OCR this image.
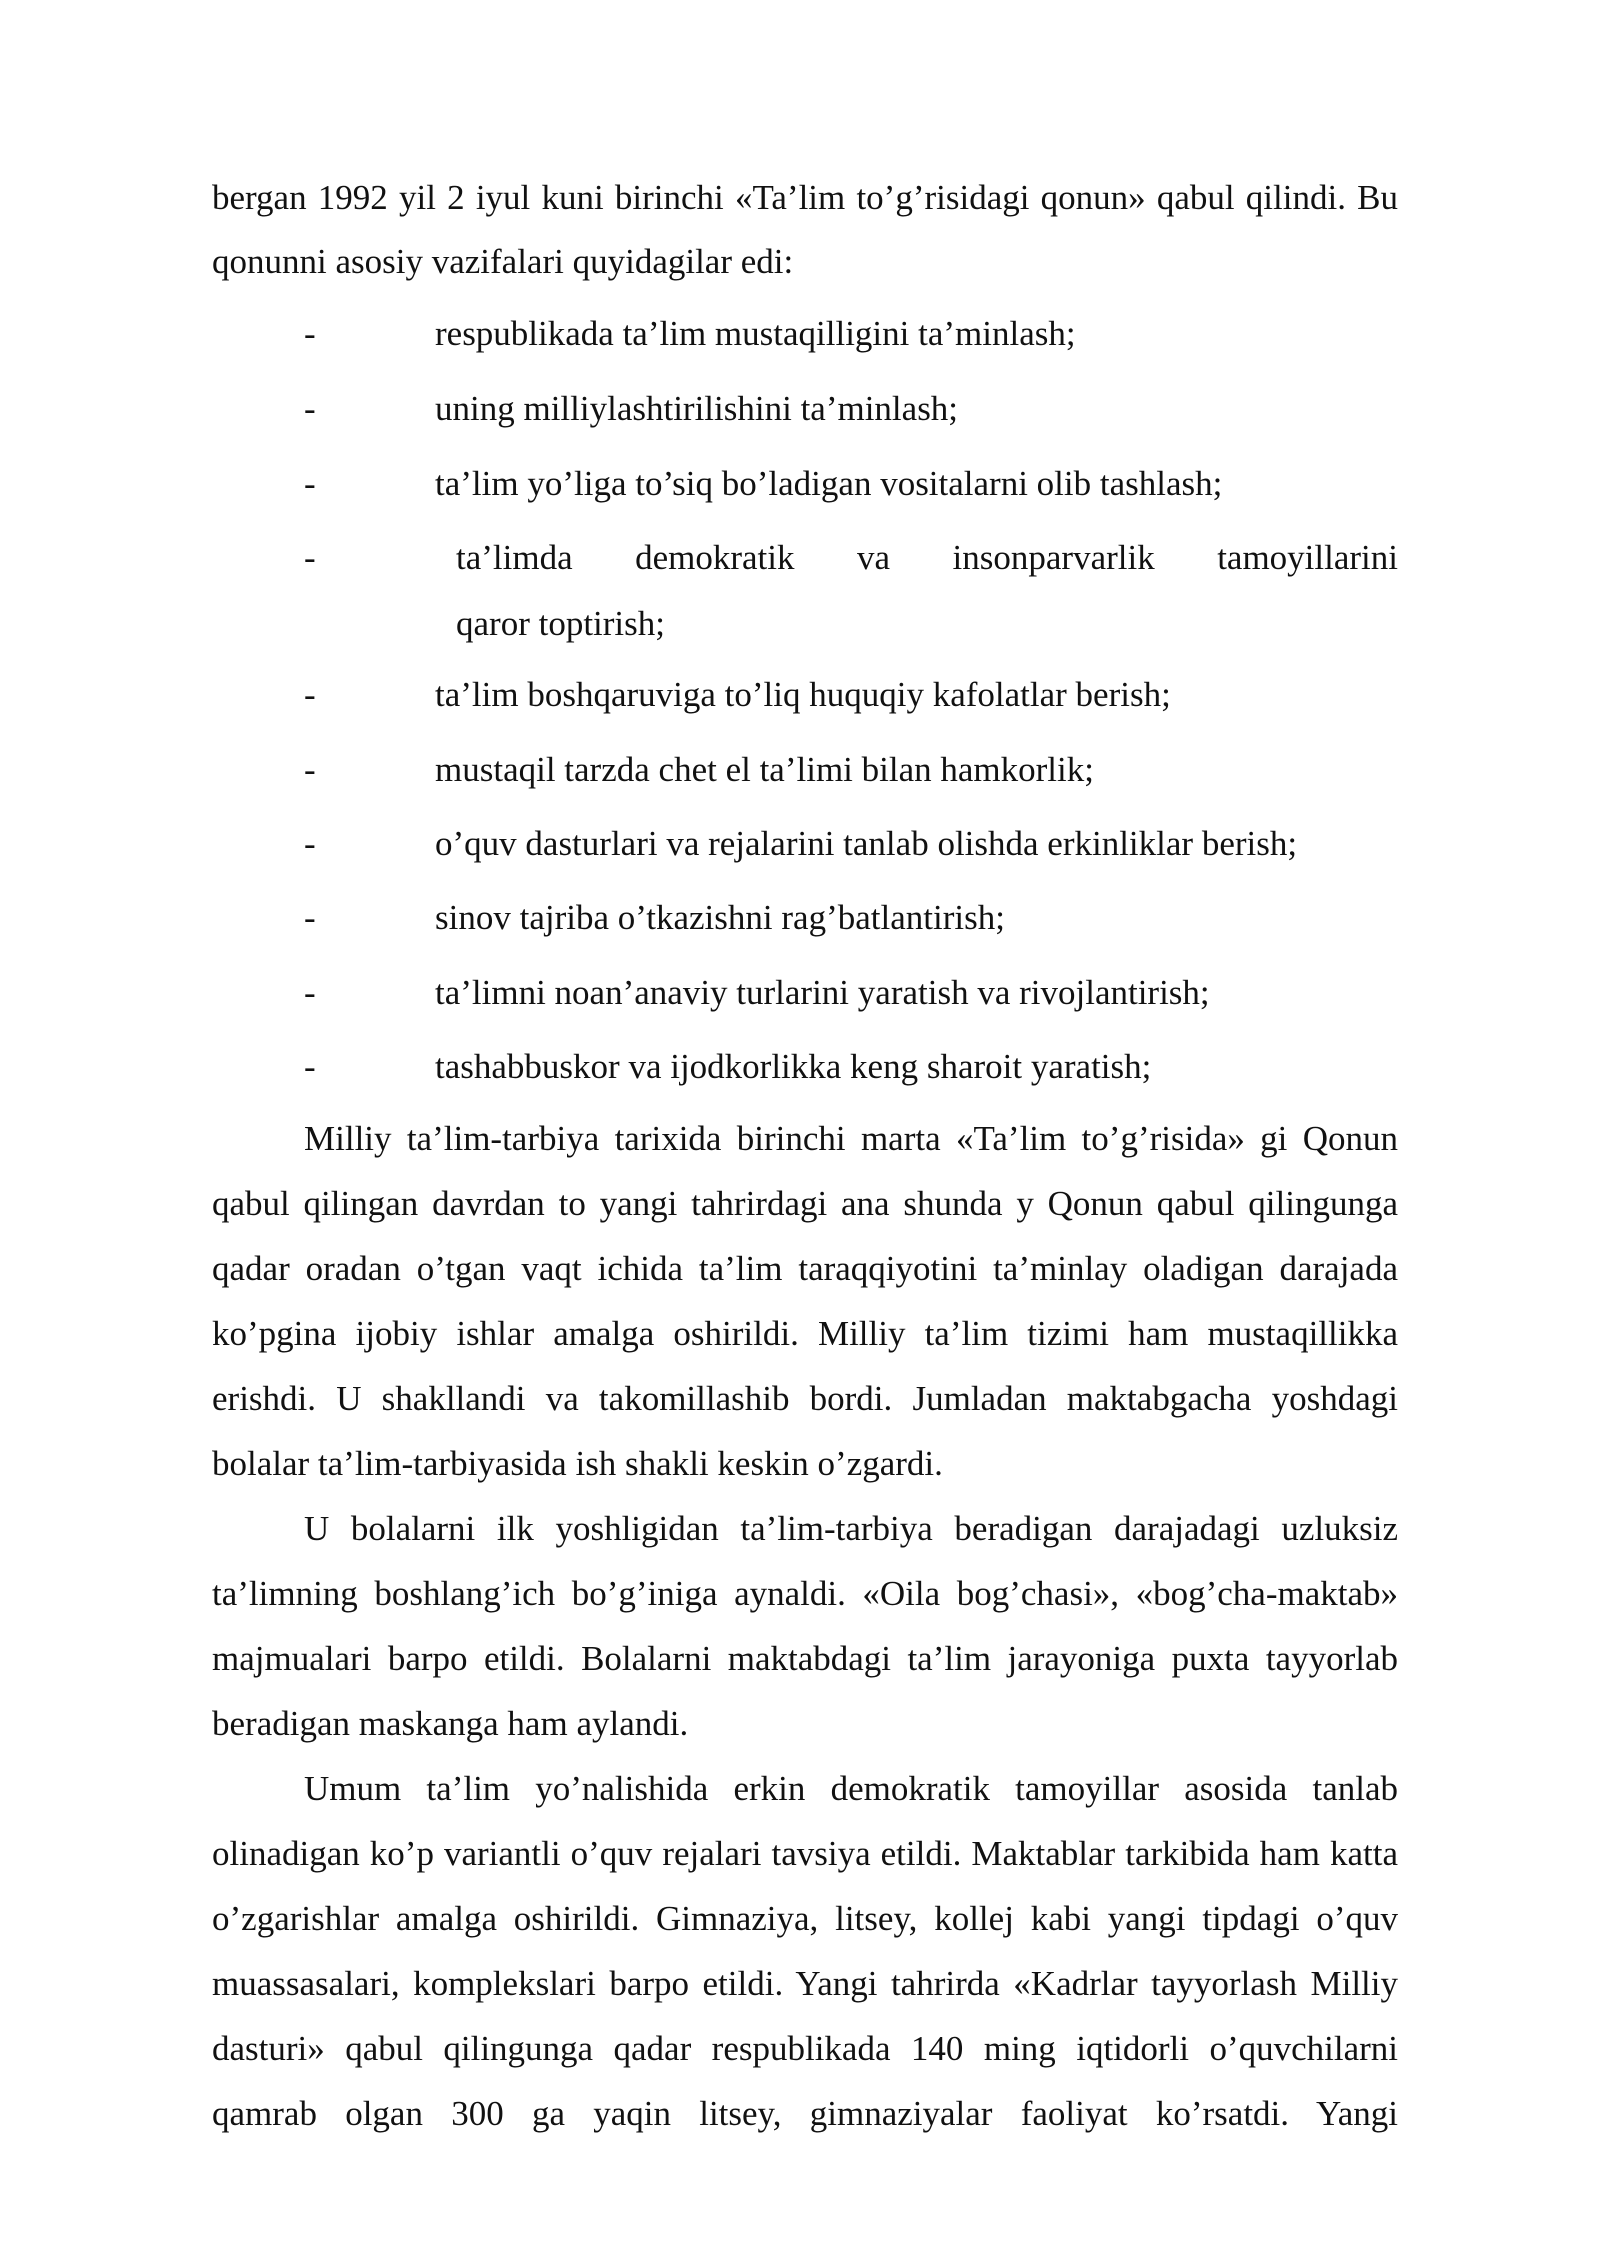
bergan 1992 yil 2 iyul kuni birinchi «Ta’lim to’g’risidagi qonun» qabul qilindi. Bu
qonunni asosiy vazifalari quyidagilar edi:
-	respublikada ta’lim mustaqilligini ta’minlash;
-	uning milliylashtirilishini ta’minlash;
-	ta’lim yo’liga to’siq bo’ladigan vositalarni olib tashlash;
-	ta’limda demokratik va insonparvarlik tamoyillarini
qaror toptirish;
-	ta’lim boshqaruviga to’liq huquqiy kafolatlar berish;
-	mustaqil tarzda chet el ta’limi bilan hamkorlik;
-	o’quv dasturlari va rejalarini tanlab olishda erkinliklar berish;
-	sinov tajriba o’tkazishni rag’batlantirish;
-	ta’limni noan’anaviy turlarini yaratish va rivojlantirish;
-	tashabbuskor va ijodkorlikka keng sharoit yaratish;
Milliy ta’lim-tarbiya tarixida birinchi marta «Ta’lim to’g’risida» gi Qonun
qabul qilingan davrdan to yangi tahrirdagi ana shunda y Qonun qabul qilingunga
qadar oradan o’tgan vaqt ichida ta’lim taraqqiyotini ta’minlay oladigan darajada
ko’pgina ijobiy ishlar amalga oshirildi. Milliy ta’lim tizimi ham mustaqillikka
erishdi. U shakllandi va takomillashib bordi. Jumladan maktabgacha yoshdagi
bolalar ta’lim-tarbiyasida ish shakli keskin o’zgardi.
U bolalarni ilk yoshligidan ta’lim-tarbiya beradigan darajadagi uzluksiz
ta’limning boshlang’ich bo’g’iniga aynaldi. «Oila bog’chasi», «bog’cha-maktab»
majmualari barpo etildi. Bolalarni maktabdagi ta’lim jarayoniga puxta tayyorlab
beradigan maskanga ham aylandi.
Umum ta’lim yo’nalishida erkin demokratik tamoyillar asosida tanlab
olinadigan ko’p variantli o’quv rejalari tavsiya etildi. Maktablar tarkibida ham katta
o’zgarishlar amalga oshirildi. Gimnaziya, litsey, kollej kabi yangi tipdagi o’quv
muassasalari, komplekslari barpo etildi. Yangi tahrirda «Kadrlar tayyorlash Milliy
dasturi» qabul qilingunga qadar respublikada 140 ming iqtidorli o’quvchilarni
qamrab olgan 300 ga yaqin litsey, gimnaziyalar faoliyat ko’rsatdi. Yangi
